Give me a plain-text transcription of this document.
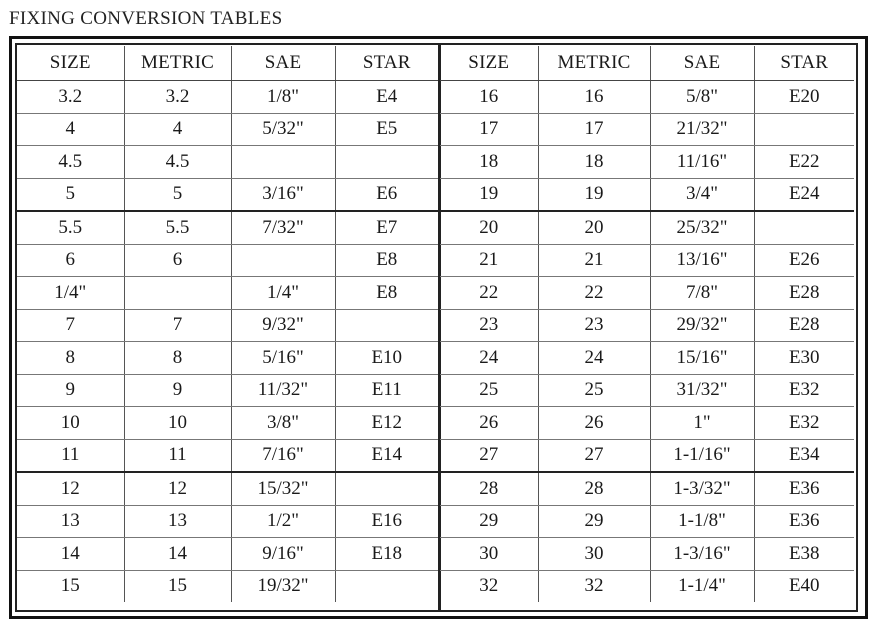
FIXING CONVERSION TABLES
SIZE	METRIC	SAE	STAR
3.2	3.2	1/8"	E4
4	4	5/32"	E5
4.5	4.5		
5	5	3/16"	E6
5.5	5.5	7/32"	E7
6	6		E8
1/4"		1/4"	E8
7	7	9/32"	
8	8	5/16"	E10
9	9	11/32"	E11
10	10	3/8"	E12
11	11	7/16"	E14
12	12	15/32"	
13	13	1/2"	E16
14	14	9/16"	E18
15	15	19/32"	
SIZE	METRIC	SAE	STAR
16	16	5/8"	E20
17	17	21/32"	
18	18	11/16"	E22
19	19	3/4"	E24
20	20	25/32"	
21	21	13/16"	E26
22	22	7/8"	E28
23	23	29/32"	E28
24	24	15/16"	E30
25	25	31/32"	E32
26	26	1"	E32
27	27	1-1/16"	E34
28	28	1-3/32"	E36
29	29	1-1/8"	E36
30	30	1-3/16"	E38
32	32	1-1/4"	E40
